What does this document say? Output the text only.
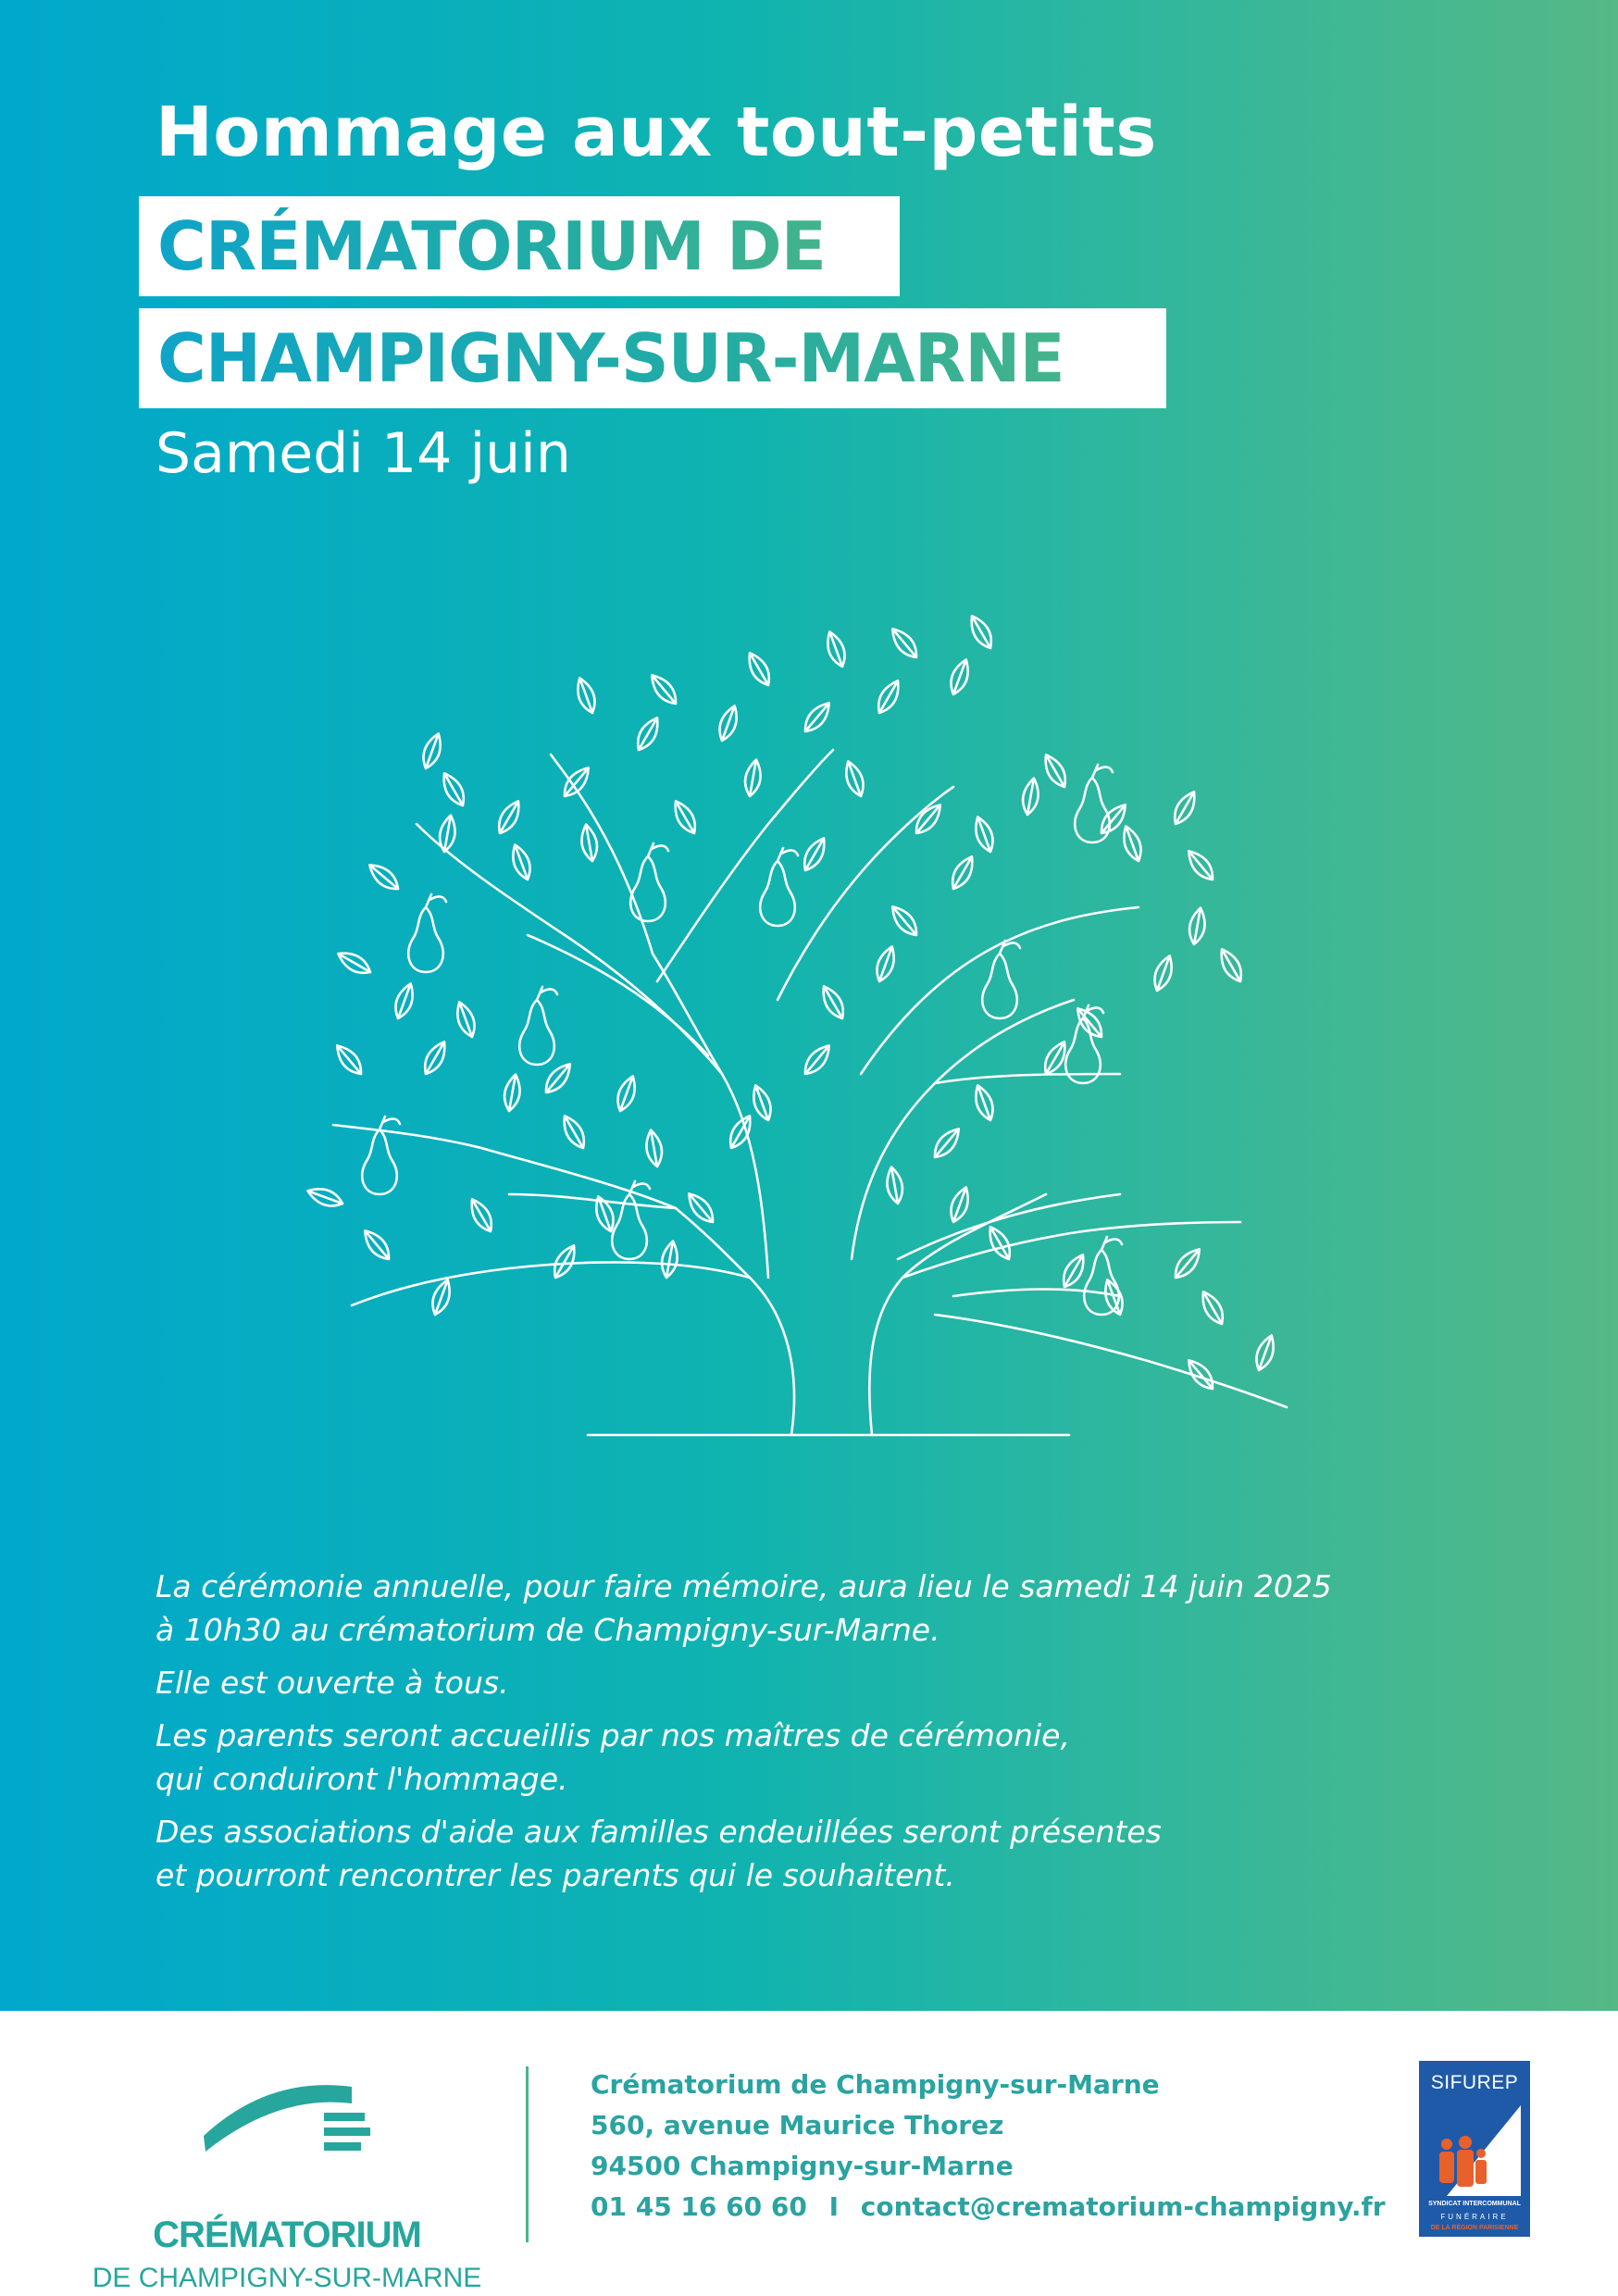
Hommage aux tout-petits
CRÉMATORIUM DE
CHAMPIGNY-SUR-MARNE
Samedi 14 juin

La cérémonie annuelle, pour faire mémoire, aura lieu le samedi 14 juin 2025
à 10h30 au crématorium de Champigny-sur-Marne.

Elle est ouverte à tous.

Les parents seront accueillis par nos maîtres de cérémonie,
qui conduiront l'hommage.

Des associations d'aide aux familles endeuillées seront présentes
et pourront rencontrer les parents qui le souhaitent.

CRÉMATORIUM
DE CHAMPIGNY-SUR-MARNE
Crématorium de Champigny-sur-Marne
560, avenue Maurice Thorez
94500 Champigny-sur-Marne
01 45 16 60 60 I contact@crematorium-champigny.fr
SIFUREP
SYNDICAT INTERCOMMUNAL
FUNÉRAIRE
DE LA RÉGION PARISIENNE
